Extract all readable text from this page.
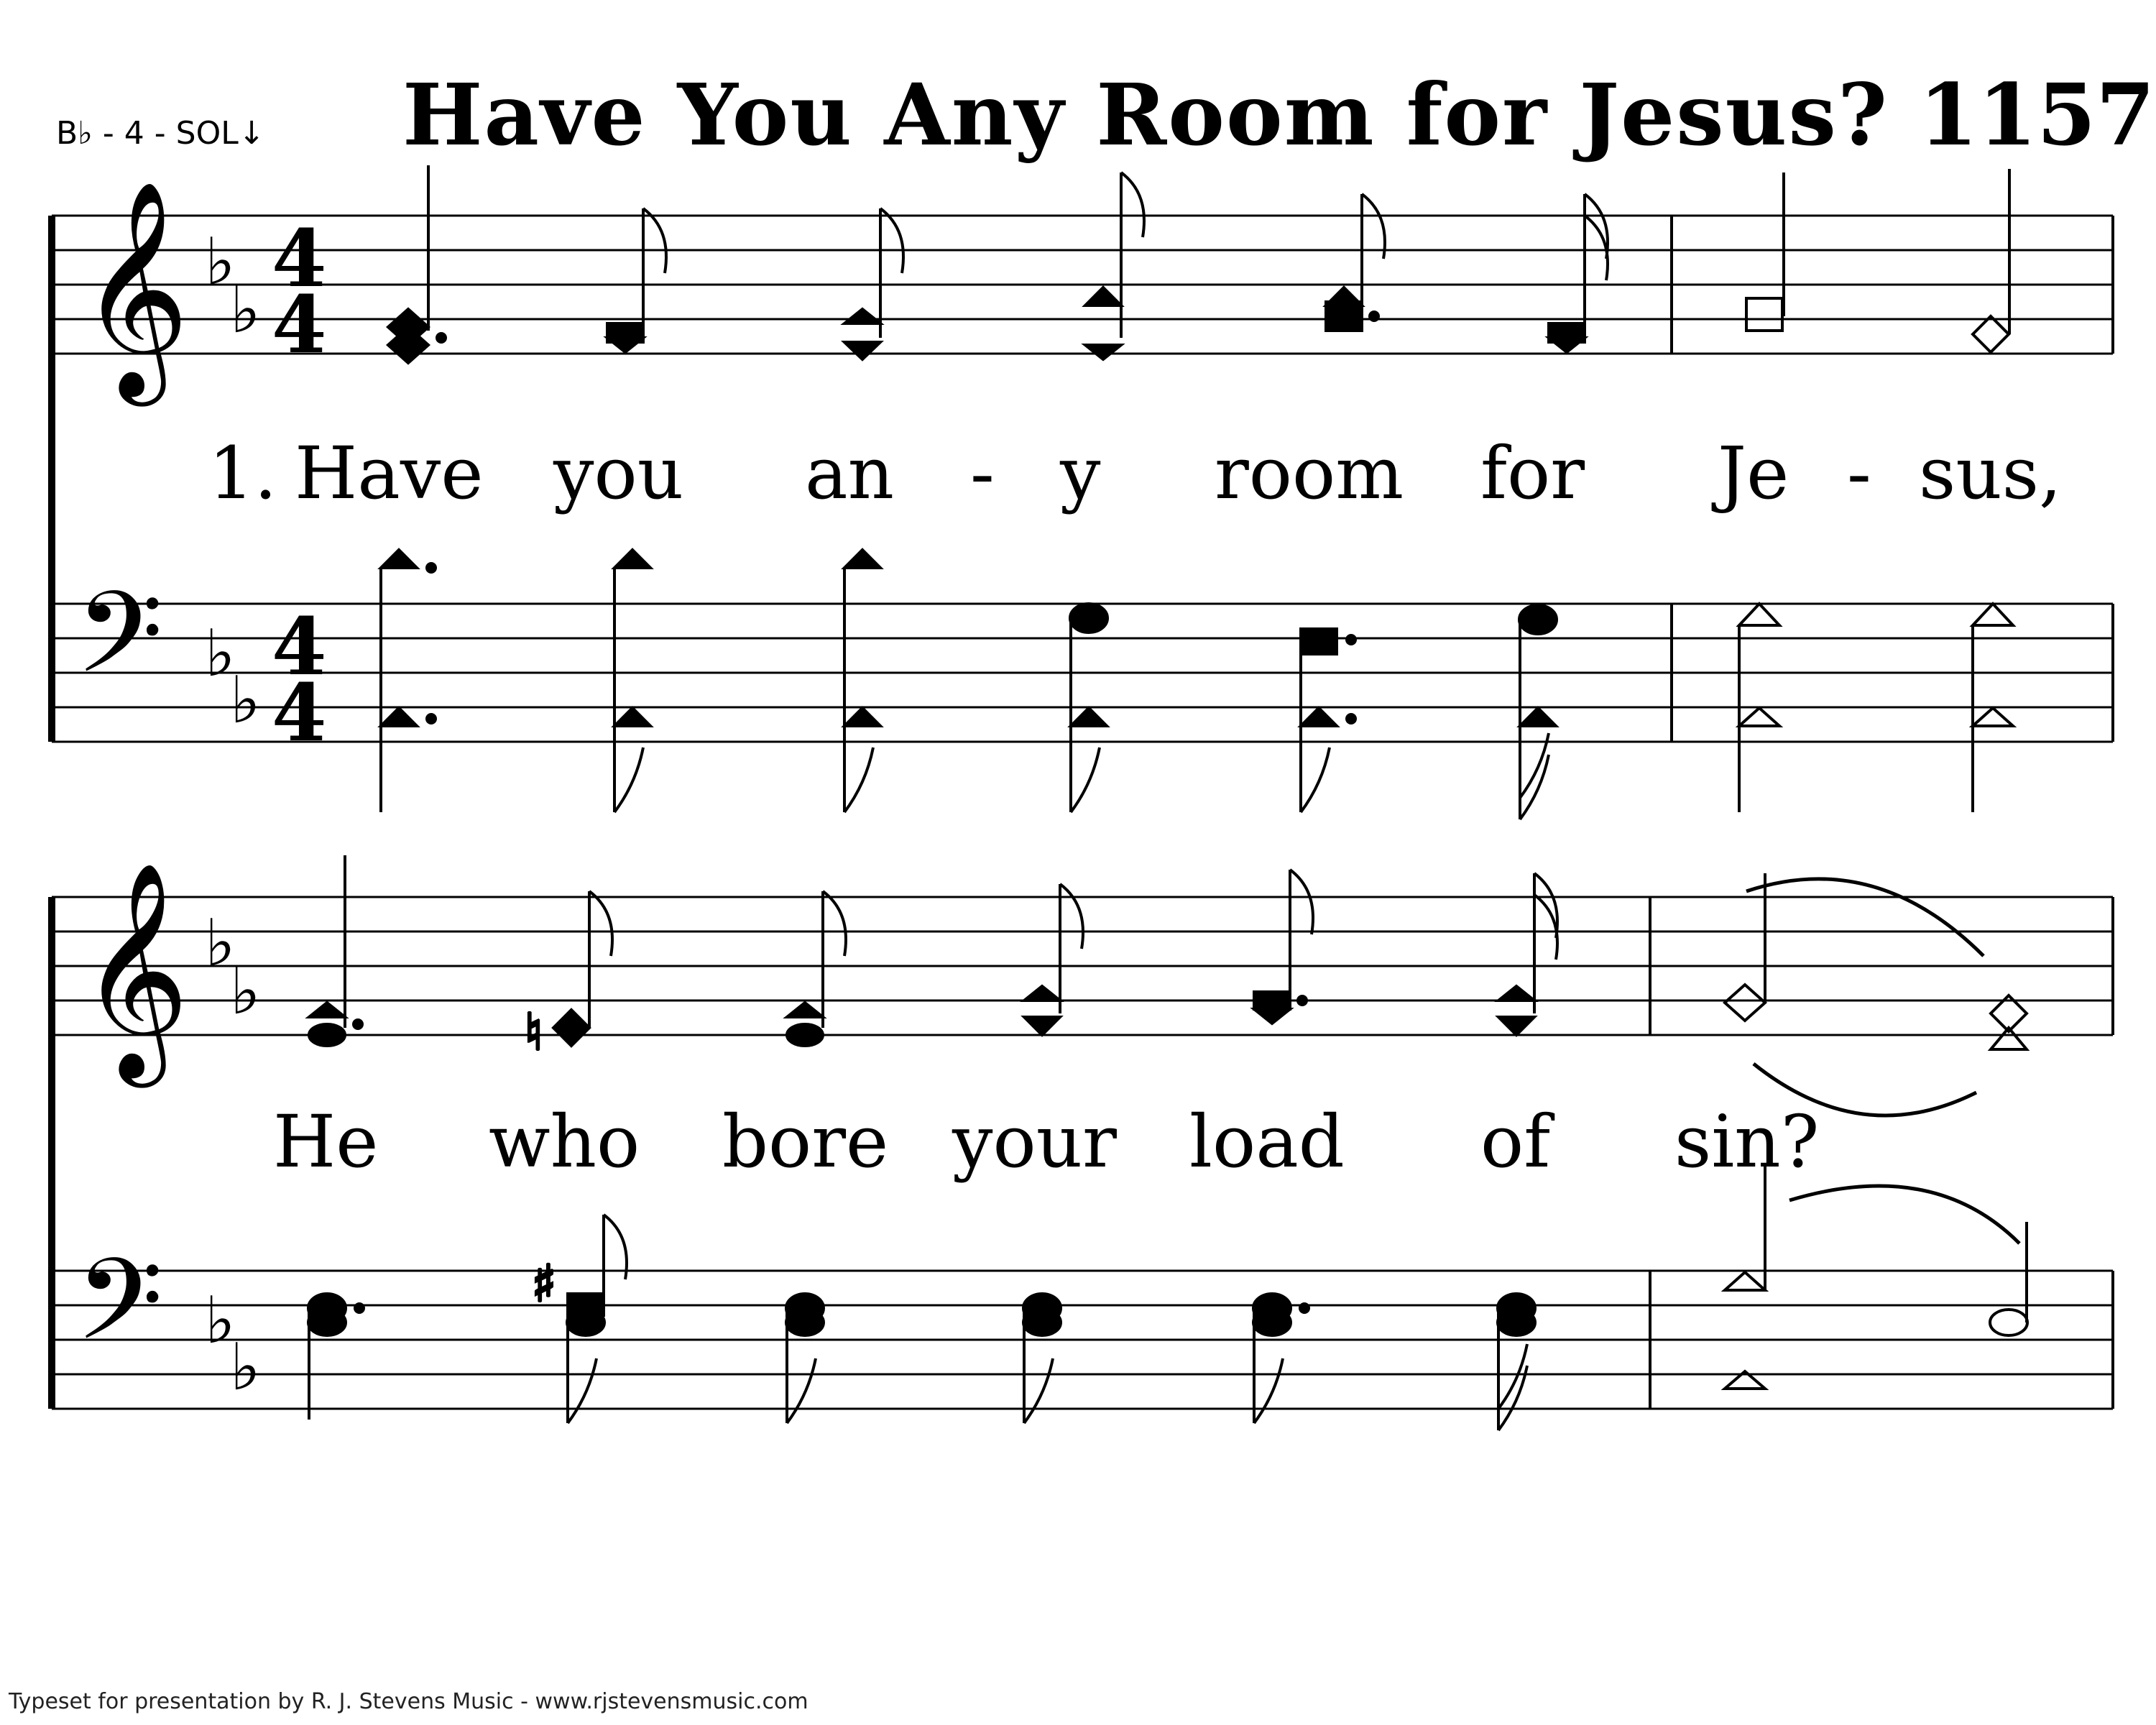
B♭ - 4 - SOL↓ Have You Any Room for Jesus? 1157
𝄞 ♭
♭
4
4
𝄢 ♭
♭
4
4
𝄞 ♭
♭
𝄢 ♭
♭
♮
♯
1. Have you an - y room for Je - sus,
He who bore your load of sin?
Typeset for presentation by R. J. Stevens Music - www.rjstevensmusic.com
